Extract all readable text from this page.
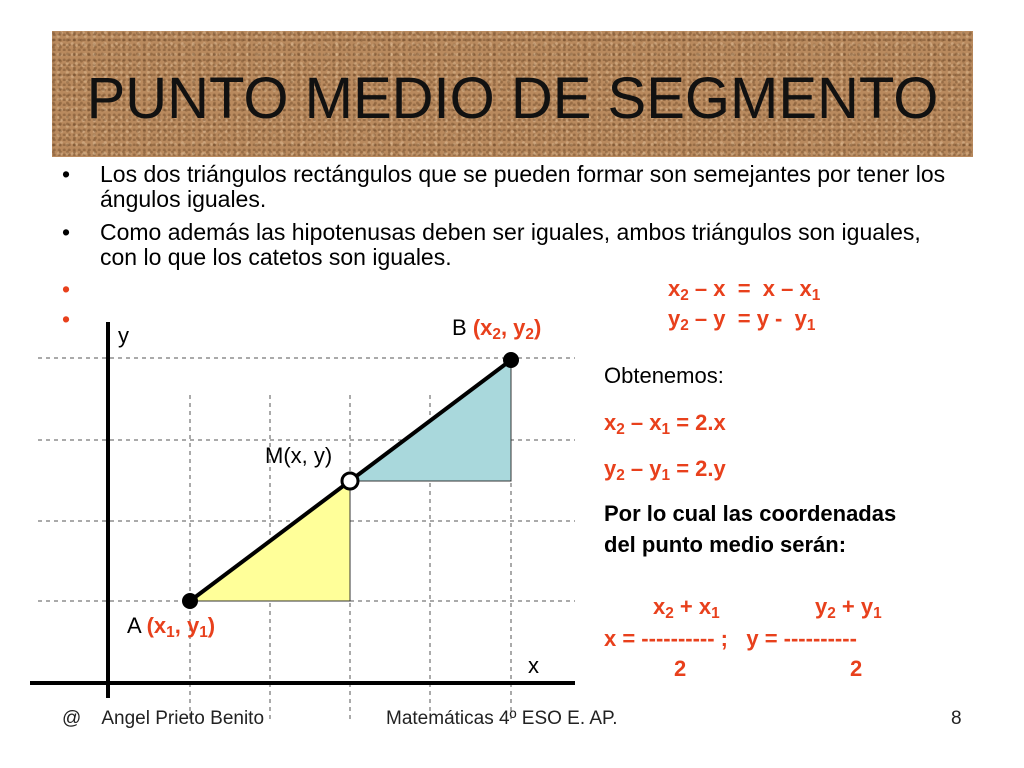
PUNTO MEDIO DE SEGMENTO
• Los dos triángulos rectángulos que se pueden formar son semejantes por tener los ángulos iguales.
• Como además las hipotenusas deben ser iguales, ambos triángulos son iguales, con lo que los catetos son iguales.
•
•
y
x
M(x, y)
B ($x_2$, $y_2$)
A ($x_1$, $y_1$)
$x_2 - x = x - x_1$
$y_2 - y = y - y_1$
Obtenemos:
$x_2 - x_1 = 2.x$
$y_2 - y_1 = 2.y$
Por lo cual las coordenadas
del punto medio serán:
$x_2 + x_1$	$y_2 + y_1$
x = ---------- ;   y = ----------
2	2
@    Angel Prieto Benito	Matemáticas 4º ESO E. AP.	8
